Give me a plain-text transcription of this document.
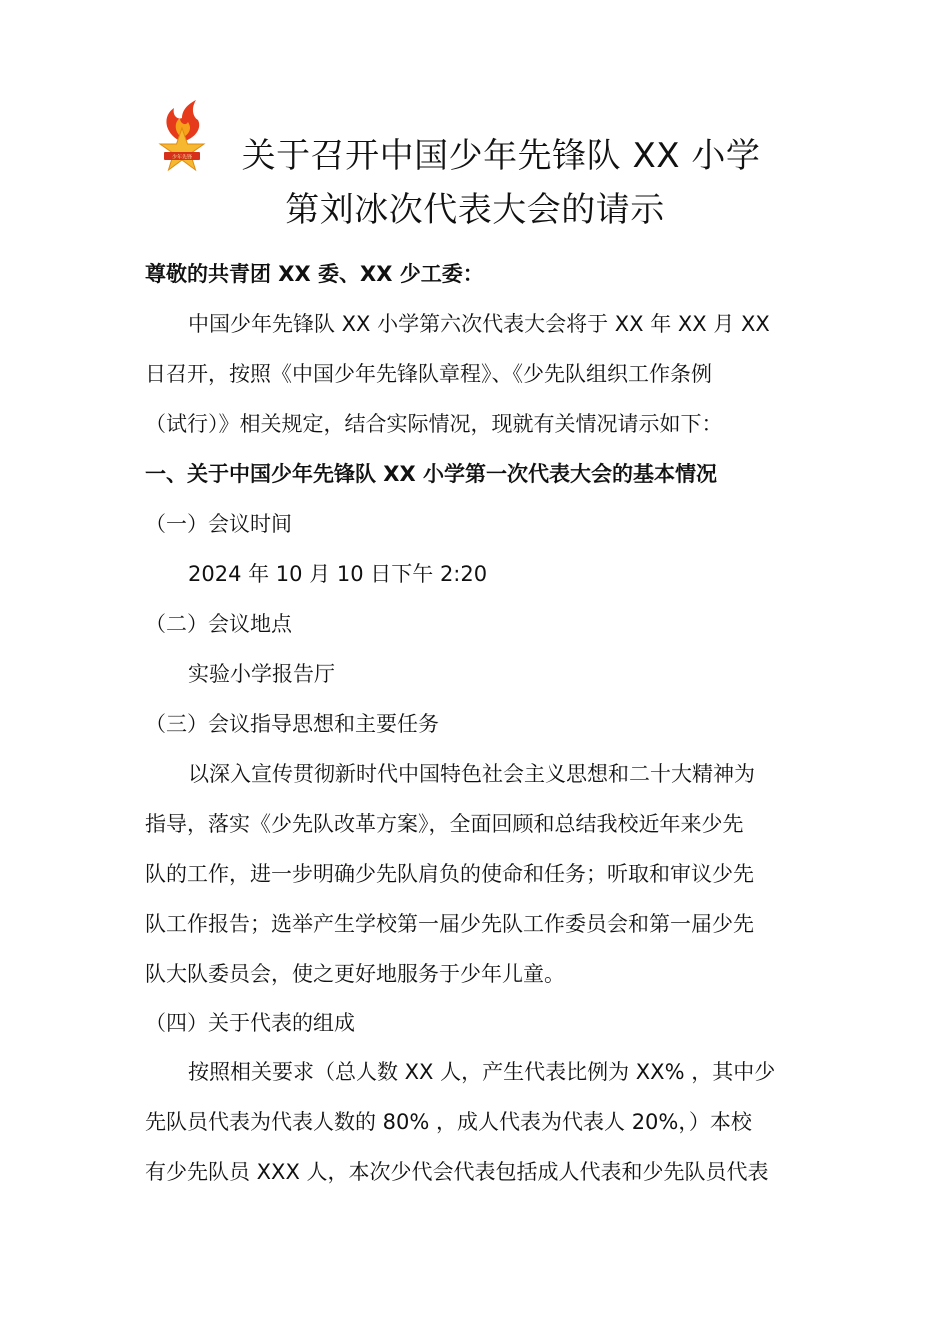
少年先锋	关于召开中国少年先锋队 XX 小学
第刘冰次代表大会的请示
尊敬的共青团 XX 委、XX 少工委：
中国少年先锋队 XX 小学第六次代表大会将于 XX 年 XX 月 XX
日召开，按照《中国少年先锋队章程》、《少先队组织工作条例
（试行）》相关规定，结合实际情况，现就有关情况请示如下：
一、关于中国少年先锋队 XX 小学第一次代表大会的基本情况
（一）会议时间
2024 年 10 月 10 日下午 2:20
（二）会议地点
实验小学报告厅
（三）会议指导思想和主要任务
以深入宣传贯彻新时代中国特色社会主义思想和二十大精神为
指导，落实《少先队改革方案》，全面回顾和总结我校近年来少先
队的工作，进一步明确少先队肩负的使命和任务；听取和审议少先
队工作报告；选举产生学校第一届少先队工作委员会和第一届少先
队大队委员会，使之更好地服务于少年儿童。
（四）关于代表的组成
按照相关要求（总人数 XX 人，产生代表比例为 XX% ，其中少
先队员代表为代表人数的 80% ，成人代表为代表人 20%，）本校
有少先队员 XXX 人，本次少代会代表包括成人代表和少先队员代表
